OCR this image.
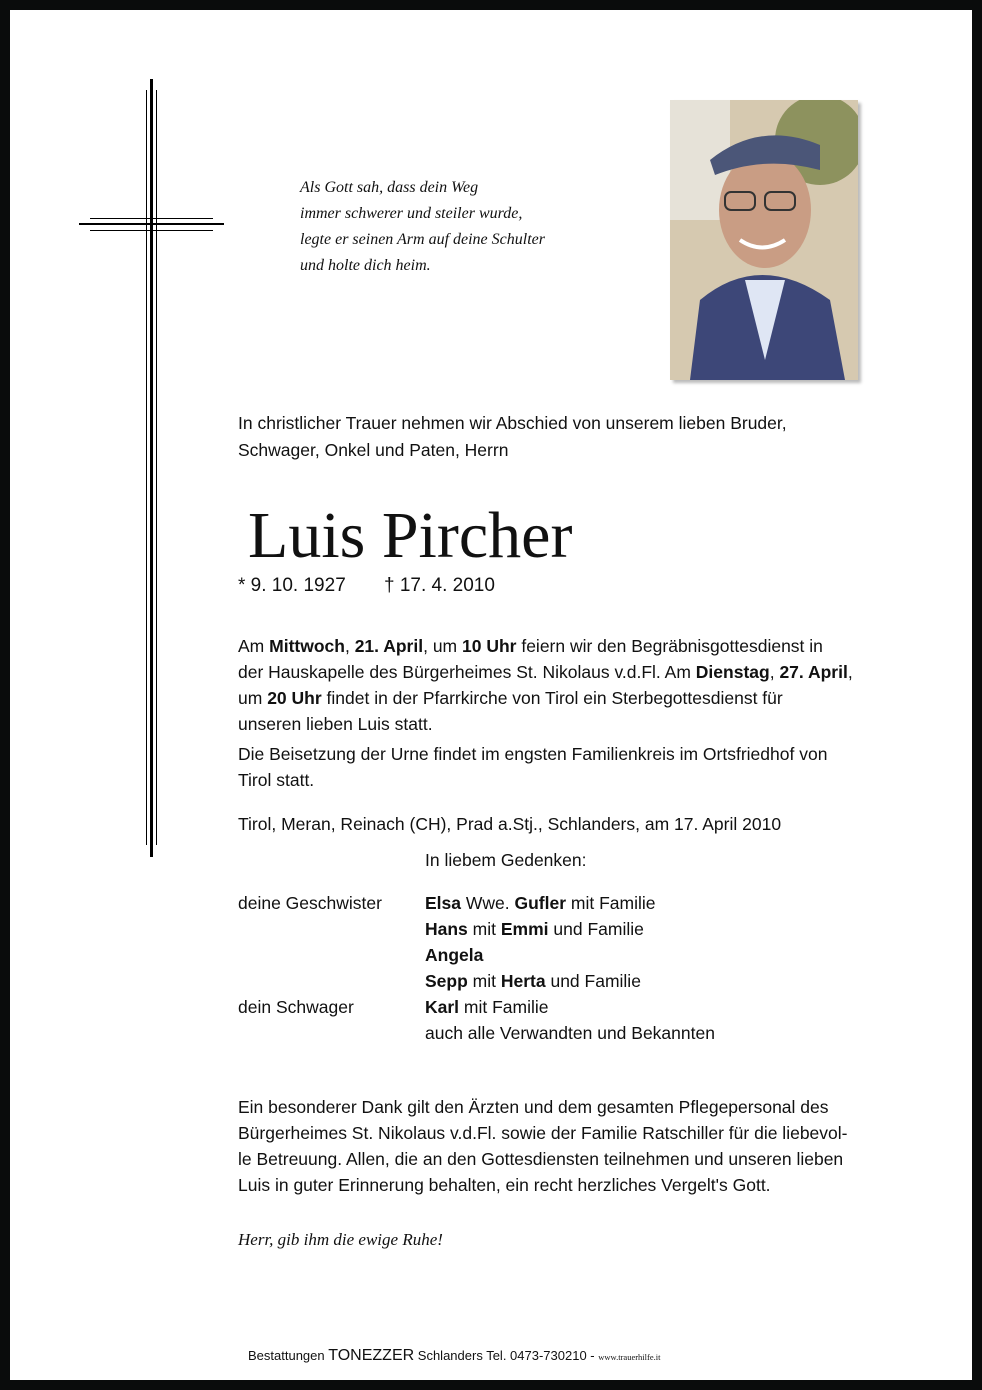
Als Gott sah, dass dein Weg
immer schwerer und steiler wurde,
legte er seinen Arm auf deine Schulter
und holte dich heim.
In christlicher Trauer nehmen wir Abschied von unserem lieben Bruder,
Schwager, Onkel und Paten, Herrn
Luis Pircher
* 9. 10. 1927 † 17. 4. 2010
Am Mittwoch, 21. April, um 10 Uhr feiern wir den Begräbnisgottesdienst in
der Hauskapelle des Bürgerheimes St. Nikolaus v.d.Fl. Am Dienstag, 27. April,
um 20 Uhr findet in der Pfarrkirche von Tirol ein Sterbegottesdienst für
unseren lieben Luis statt.
Die Beisetzung der Urne findet im engsten Familienkreis im Ortsfriedhof von
Tirol statt.
Tirol, Meran, Reinach (CH), Prad a.Stj., Schlanders, am 17. April 2010
In liebem Gedenken:
deine Geschwister Elsa Wwe. Gufler mit Familie
Hans mit Emmi und Familie
Angela
Sepp mit Herta und Familie
dein Schwager	Karl mit Familie
auch alle Verwandten und Bekannten
Ein besonderer Dank gilt den Ärzten und dem gesamten Pflegepersonal des
Bürgerheimes St. Nikolaus v.d.Fl. sowie der Familie Ratschiller für die liebevol-
le Betreuung. Allen, die an den Gottesdiensten teilnehmen und unseren lieben
Luis in guter Erinnerung behalten, ein recht herzliches Vergelt's Gott.
Herr, gib ihm die ewige Ruhe!
Bestattungen TONEZZER Schlanders Tel. 0473-730210 - www.trauerhilfe.it
